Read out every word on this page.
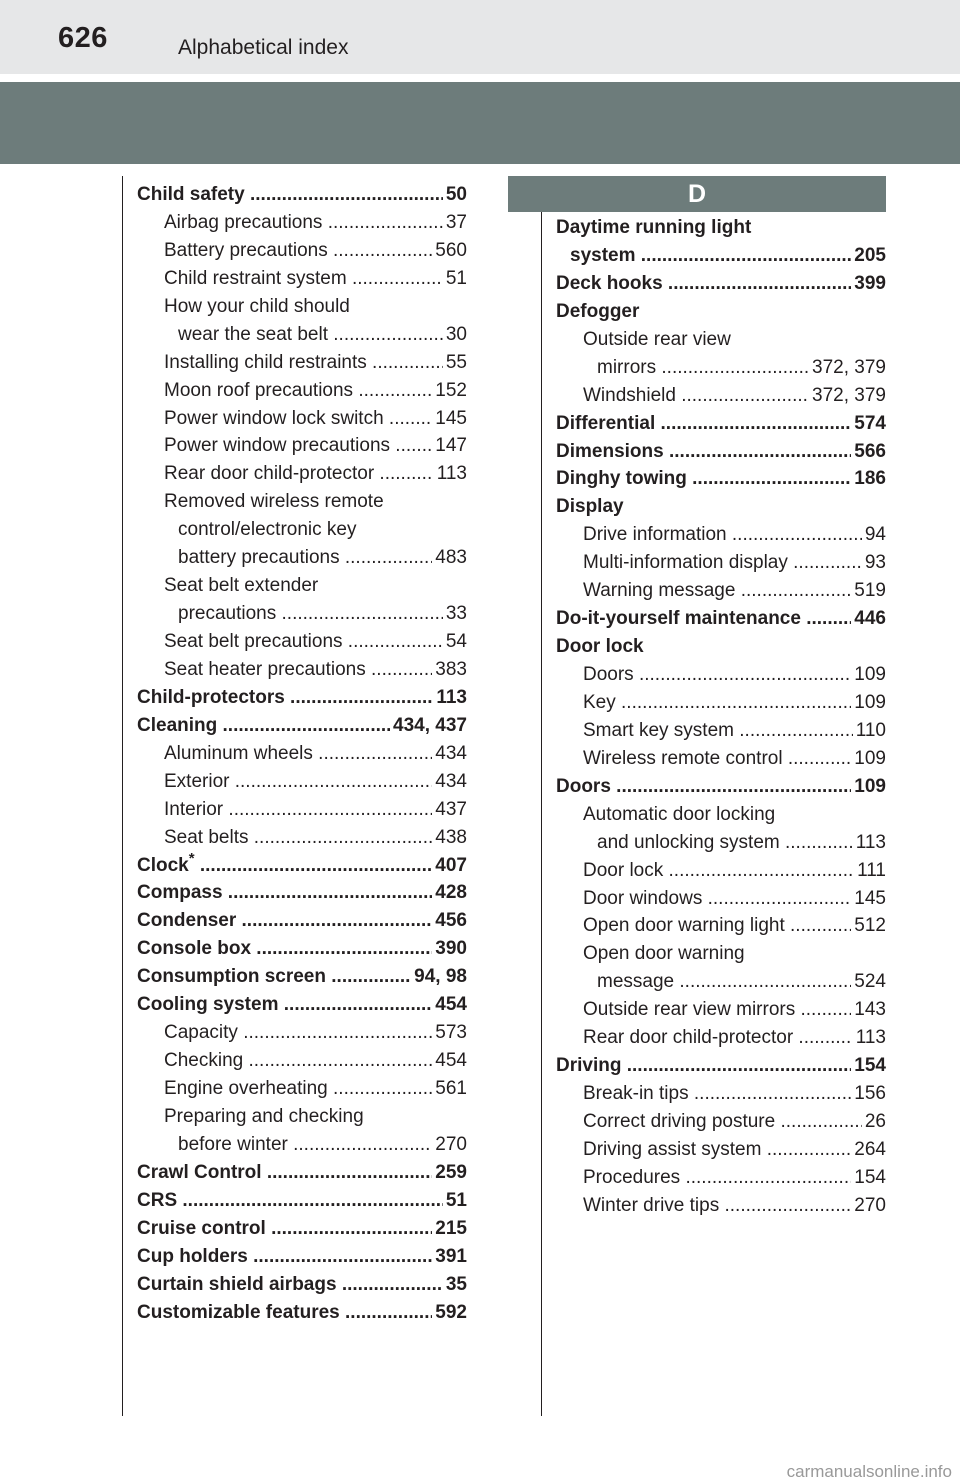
626	Alphabetical index
Child safety .....	50
Airbag precautions .....	37
Battery precautions .....	560
Child restraint system .....	51
How your child should
wear the seat belt .....	30
Installing child restraints .....	55
Moon roof precautions .....	152
Power window lock switch .....	145
Power window precautions .....	147
Rear door child-protector .....	113
Removed wireless remote
control/electronic key
battery precautions .....	483
Seat belt extender
precautions .....	33
Seat belt precautions .....	54
Seat heater precautions .....	383
Child-protectors .....	113
Cleaning .....	434, 437
Aluminum wheels .....	434
Exterior .....	434
Interior .....	437
Seat belts .....	438
Clock* .....	407
Compass .....	428
Condenser .....	456
Console box .....	390
Consumption screen .....	94, 98
Cooling system .....	454
Capacity .....	573
Checking .....	454
Engine overheating .....	561
Preparing and checking
before winter .....	270
Crawl Control .....	259
CRS .....	51
Cruise control .....	215
Cup holders .....	391
Curtain shield airbags .....	35
Customizable features .....	592
D
Daytime running light
system .....	205
Deck hooks .....	399
Defogger
Outside rear view
mirrors .....	372, 379
Windshield .....	372, 379
Differential .....	574
Dimensions .....	566
Dinghy towing .....	186
Display
Drive information .....	94
Multi-information display .....	93
Warning message .....	519
Do-it-yourself maintenance .....	446
Door lock
Doors .....	109
Key .....	109
Smart key system .....	110
Wireless remote control .....	109
Doors .....	109
Automatic door locking
and unlocking system .....	113
Door lock .....	111
Door windows .....	145
Open door warning light .....	512
Open door warning
message .....	524
Outside rear view mirrors .....	143
Rear door child-protector .....	113
Driving .....	154
Break-in tips .....	156
Correct driving posture .....	26
Driving assist system .....	264
Procedures .....	154
Winter drive tips .....	270
carmanualsonline.info
